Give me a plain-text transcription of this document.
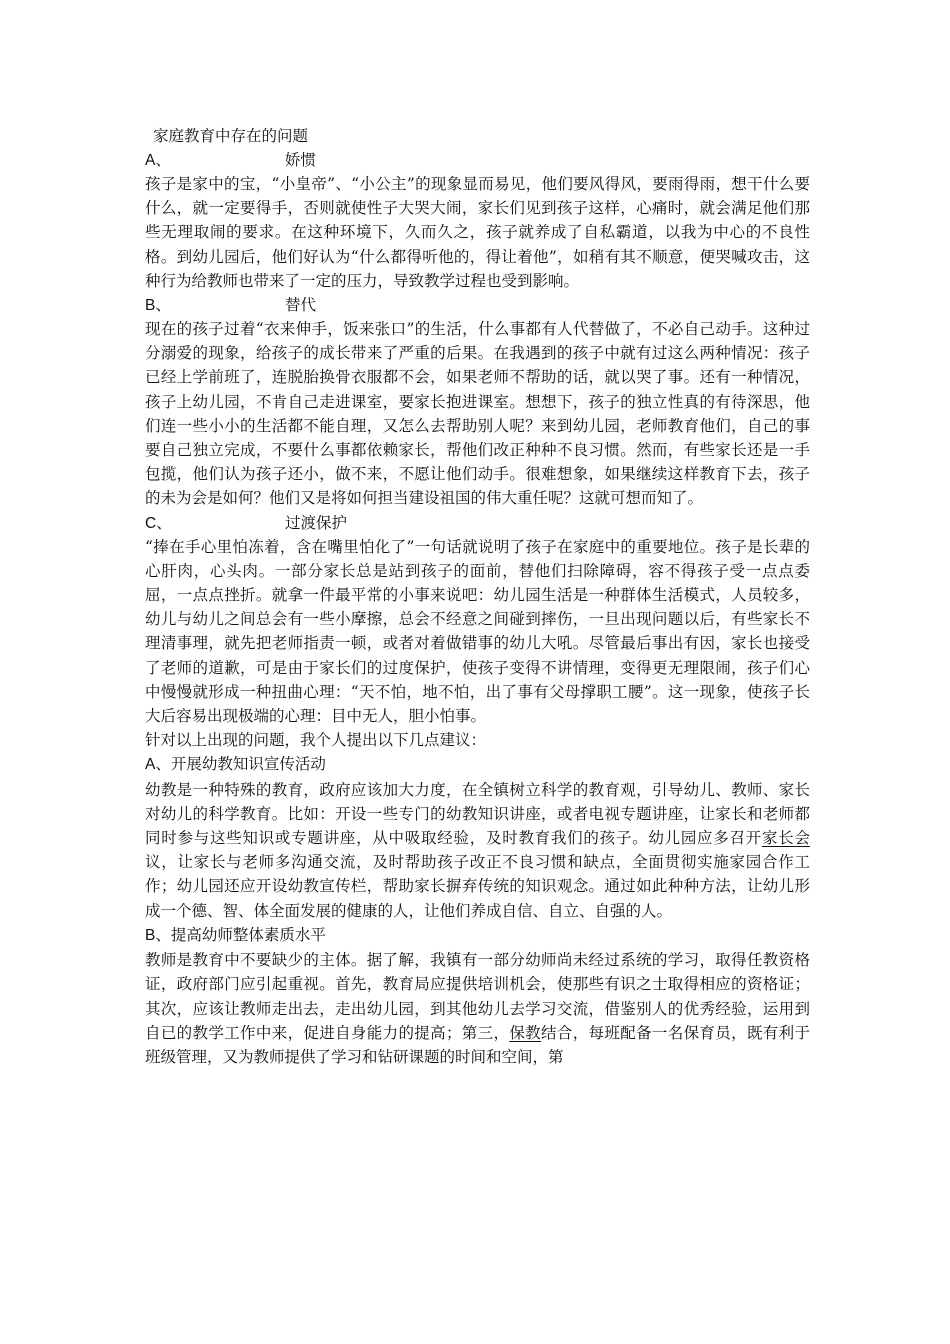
家庭教育中存在的问题
A、	娇惯

孩子是家中的宝，“小皇帝”、“小公主”的现象显而易见，他们要风得风，要雨得雨，想干什么要什么，就一定要得手，否则就使性子大哭大闹，家长们见到孩子这样，心痛时，就会满足他们那些无理取闹的要求。在这种环境下，久而久之，孩子就养成了自私霸道，以我为中心的不良性格。到幼儿园后，他们好认为“什么都得听他的，得让着他”，如稍有其不顺意，便哭喊攻击，这种行为给教师也带来了一定的压力，导致教学过程也受到影响。

B、	替代

现在的孩子过着“衣来伸手，饭来张口”的生活，什么事都有人代替做了，不必自己动手。这种过分溺爱的现象，给孩子的成长带来了严重的后果。在我遇到的孩子中就有过这么两种情况：孩子已经上学前班了，连脱胎换骨衣服都不会，如果老师不帮助的话，就以哭了事。还有一种情况，孩子上幼儿园，不肯自己走进课室，要家长抱进课室。想想下，孩子的独立性真的有待深思，他们连一些小小的生活都不能自理，又怎么去帮助别人呢？来到幼儿园，老师教育他们，自己的事要自己独立完成，不要什么事都依赖家长，帮他们改正种种不良习惯。然而，有些家长还是一手包揽，他们认为孩子还小，做不来，不愿让他们动手。很难想象，如果继续这样教育下去，孩子的未为会是如何？他们又是将如何担当建设祖国的伟大重任呢？这就可想而知了。

C、	过渡保护

“捧在手心里怕冻着，含在嘴里怕化了”一句话就说明了孩子在家庭中的重要地位。孩子是长辈的心肝肉，心头肉。一部分家长总是站到孩子的面前，替他们扫除障碍，容不得孩子受一点点委屈，一点点挫折。就拿一件最平常的小事来说吧：幼儿园生活是一种群体生活模式，人员较多，幼儿与幼儿之间总会有一些小摩擦，总会不经意之间碰到摔伤，一旦出现问题以后，有些家长不理清事理，就先把老师指责一顿，或者对着做错事的幼儿大吼。尽管最后事出有因，家长也接受了老师的道歉，可是由于家长们的过度保护，使孩子变得不讲情理，变得更无理限闹，孩子们心中慢慢就形成一种扭曲心理：“天不怕，地不怕，出了事有父母撑职工腰”。这一现象，使孩子长大后容易出现极端的心理：目中无人，胆小怕事。

针对以上出现的问题，我个人提出以下几点建议：
A、开展幼教知识宣传活动

幼教是一种特殊的教育，政府应该加大力度，在全镇树立科学的教育观，引导幼儿、教师、家长对幼儿的科学教育。比如：开设一些专门的幼教知识讲座，或者电视专题讲座，让家长和老师都同时参与这些知识或专题讲座，从中吸取经验，及时教育我们的孩子。幼儿园应多召开家长会议，让家长与老师多沟通交流，及时帮助孩子改正不良习惯和缺点，全面贯彻实施家园合作工作；幼儿园还应开设幼教宣传栏，帮助家长摒弃传统的知识观念。通过如此种种方法，让幼儿形成一个德、智、体全面发展的健康的人，让他们养成自信、自立、自强的人。

B、提高幼师整体素质水平

教师是教育中不要缺少的主体。据了解，我镇有一部分幼师尚未经过系统的学习，取得任教资格证，政府部门应引起重视。首先，教育局应提供培训机会，使那些有识之士取得相应的资格证；其次，应该让教师走出去，走出幼儿园，到其他幼儿去学习交流，借鉴别人的优秀经验，运用到自已的教学工作中来，促进自身能力的提高；第三，保教结合，每班配备一名保育员，既有利于班级管理，又为教师提供了学习和钻研课题的时间和空间，第
